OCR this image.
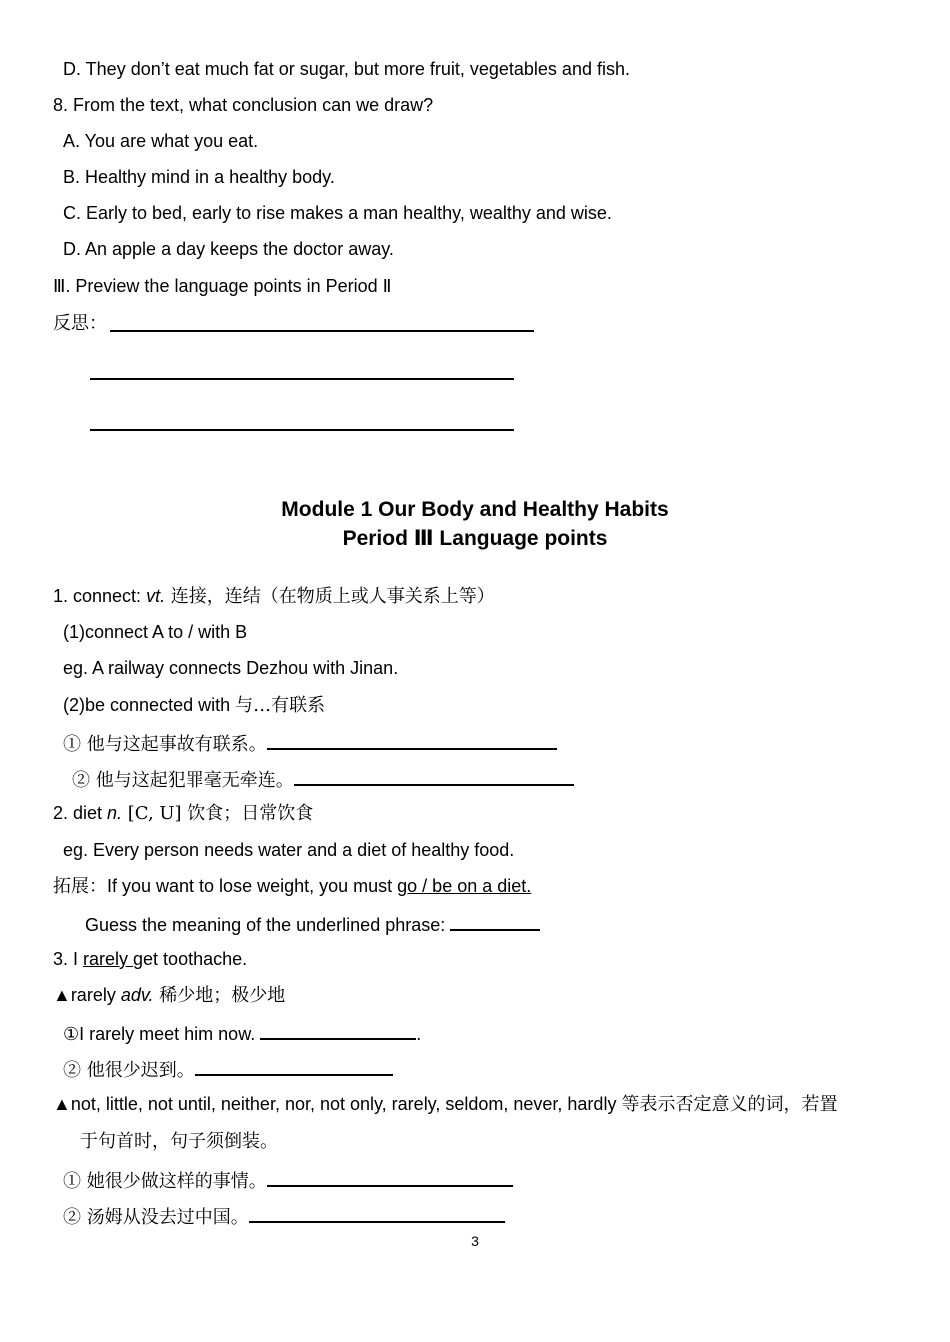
D. They don’t eat much fat or sugar, but more fruit, vegetables and fish.
8. From the text, what conclusion can we draw?
A. You are what you eat.
B. Healthy mind in a healthy body.
C. Early to bed, early to rise makes a man healthy, wealthy and wise.
D. An apple a day keeps the doctor away.
Ⅲ. Preview the language points in Period Ⅱ
反思：
Module 1 Our Body and Healthy Habits
Period Ⅲ Language points
1. connect: vt. 连接，连结（在物质上或人事关系上等）
(1)connect A to / with B
eg. A railway connects Dezhou with Jinan.
(2)be connected with 与…有联系
① 他与这起事故有联系。
② 他与这起犯罪毫无牵连。
2. diet n. [C, U] 饮食；日常饮食
eg. Every person needs water and a diet of healthy food.
拓展：If you want to lose weight, you must go / be on a diet.
Guess the meaning of the underlined phrase:
3. I rarely get toothache.
▲rarely adv. 稀少地；极少地
①I rarely meet him now.	.
② 他很少迟到。
▲not, little, not until, neither, nor, not only, rarely, seldom, never, hardly 等表示否定意义的词，若置
于句首时，句子须倒装。
① 她很少做这样的事情。
② 汤姆从没去过中国。
3
